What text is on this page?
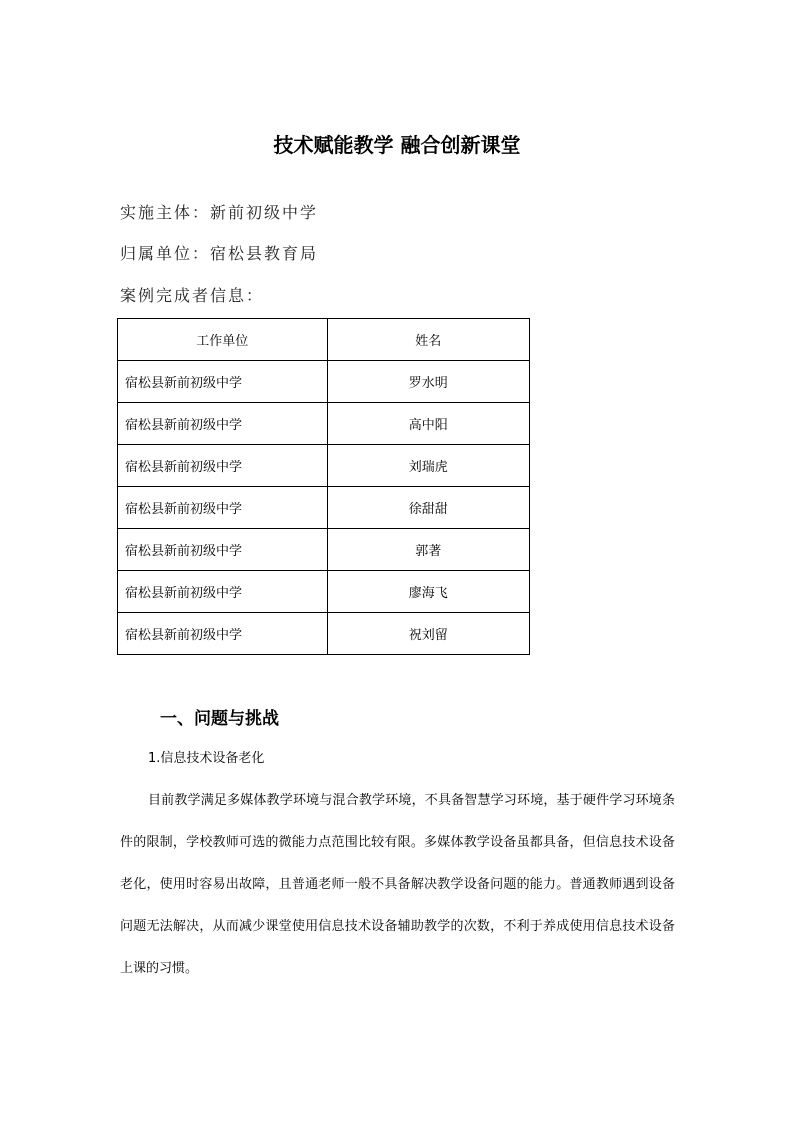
技术赋能教学 融合创新课堂
实施主体：新前初级中学
归属单位：宿松县教育局
案例完成者信息：
工作单位	姓名
宿松县新前初级中学	罗水明
宿松县新前初级中学	高中阳
宿松县新前初级中学	刘瑞虎
宿松县新前初级中学	徐甜甜
宿松县新前初级中学	郭著
宿松县新前初级中学	廖海飞
宿松县新前初级中学	祝刘留
一、问题与挑战
1.信息技术设备老化

目前教学满足多媒体教学环境与混合教学环境，不具备智慧学习环境，基于硬件学习环境条件的限制，学校教师可选的微能力点范围比较有限。多媒体教学设备虽都具备，但信息技术设备老化，使用时容易出故障，且普通老师一般不具备解决教学设备问题的能力。普通教师遇到设备问题无法解决，从而减少课堂使用信息技术设备辅助教学的次数，不利于养成使用信息技术设备上课的习惯。
